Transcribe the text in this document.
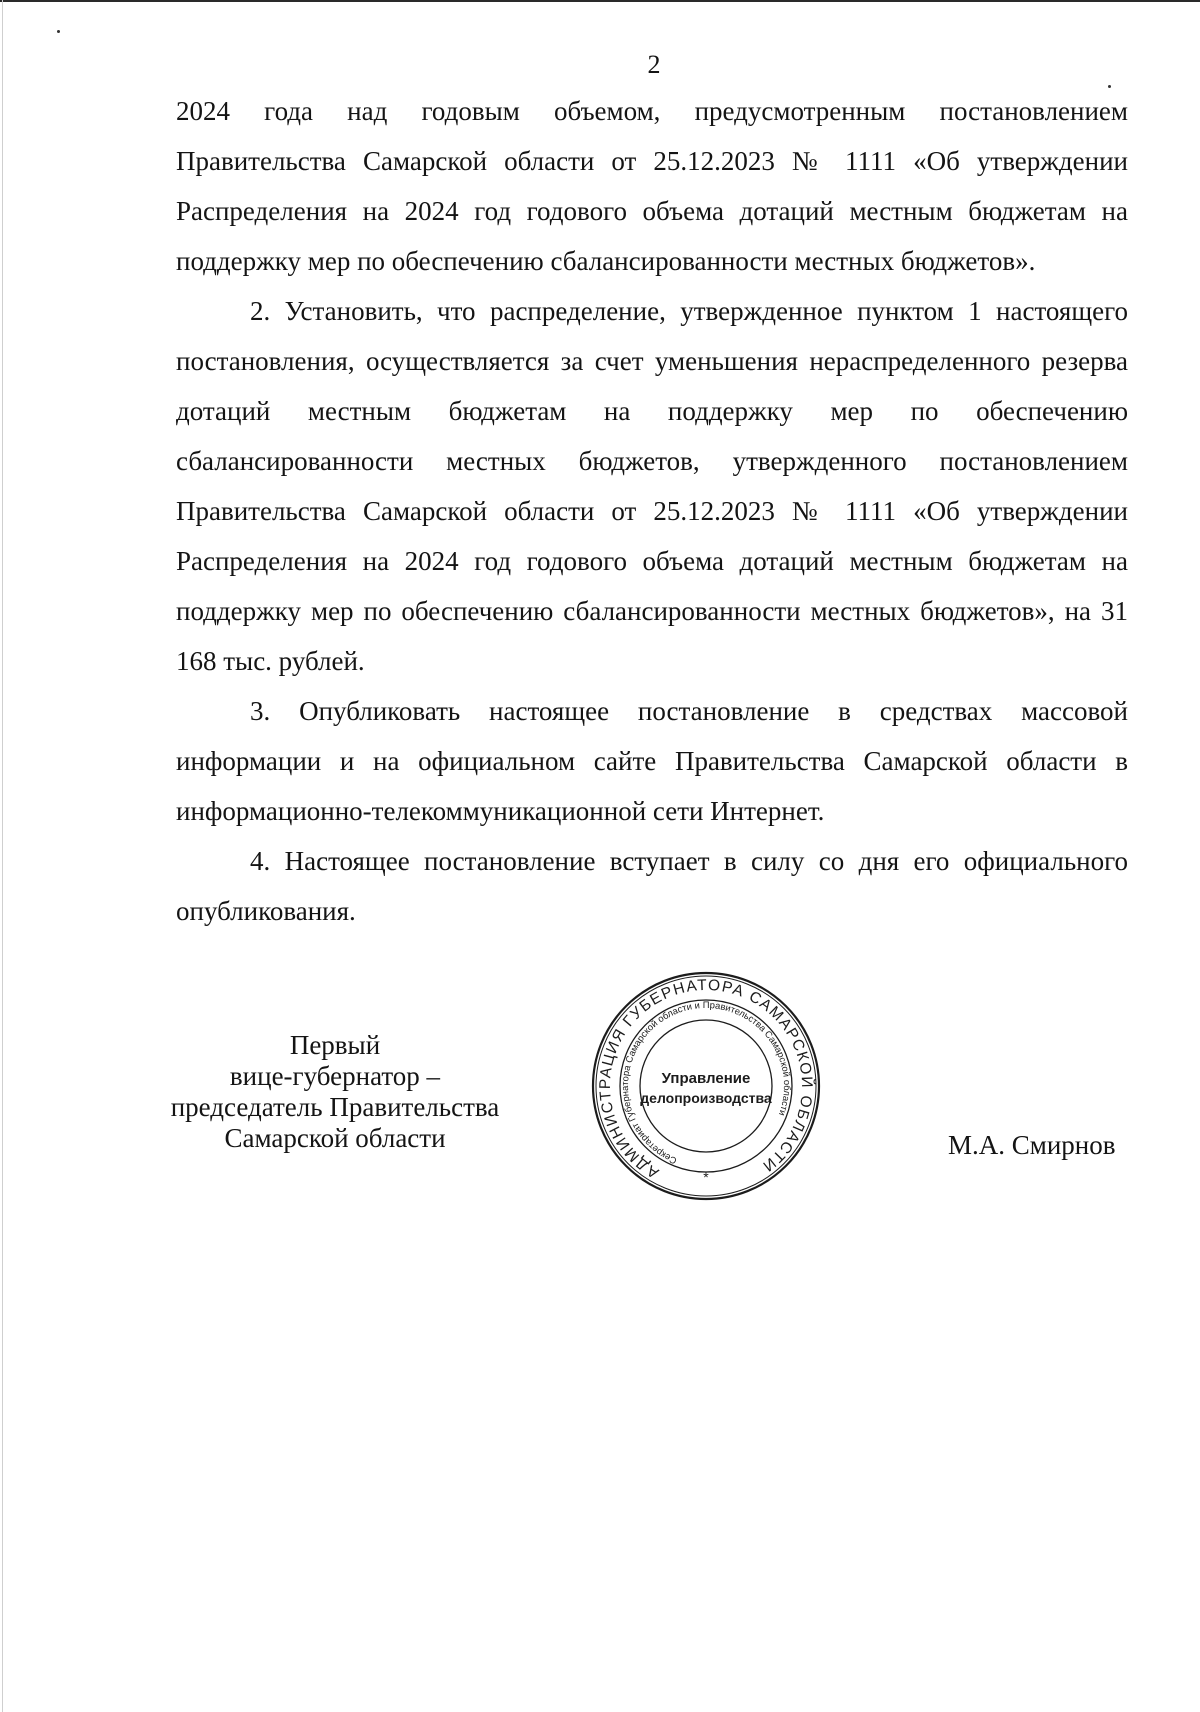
2

2024 года над годовым объемом, предусмотренным постановлением Правительства Самарской области от 25.12.2023 № 1111 «Об утверждении Распределения на 2024 год годового объема дотаций местным бюджетам на поддержку мер по обеспечению сбалансированности местных бюджетов».

2. Установить, что распределение, утвержденное пунктом 1 настоящего постановления, осуществляется за счет уменьшения нераспределенного резерва дотаций местным бюджетам на поддержку мер по обеспечению сбалансированности местных бюджетов, утвержденного постановлением Правительства Самарской области от 25.12.2023 № 1111 «Об утверждении Распределения на 2024 год годового объема дотаций местным бюджетам на поддержку мер по обеспечению сбалансированности местных бюджетов», на 31 168 тыс. рублей.

3. Опубликовать настоящее постановление в средствах массовой информации и на официальном сайте Правительства Самарской области в информационно-телекоммуникационной сети Интернет.

4. Настоящее постановление вступает в силу со дня его официального опубликования.

Первый
вице-губернатор –
председатель Правительства
Самарской области
АДМИНИСТРАЦИЯ ГУБЕРНАТОРА САМАРСКОЙ ОБЛАСТИ
Секретариат Губернатора Самарской области и Правительства Самарской области
*
Управление
делопроизводства
М.А. Смирнов
